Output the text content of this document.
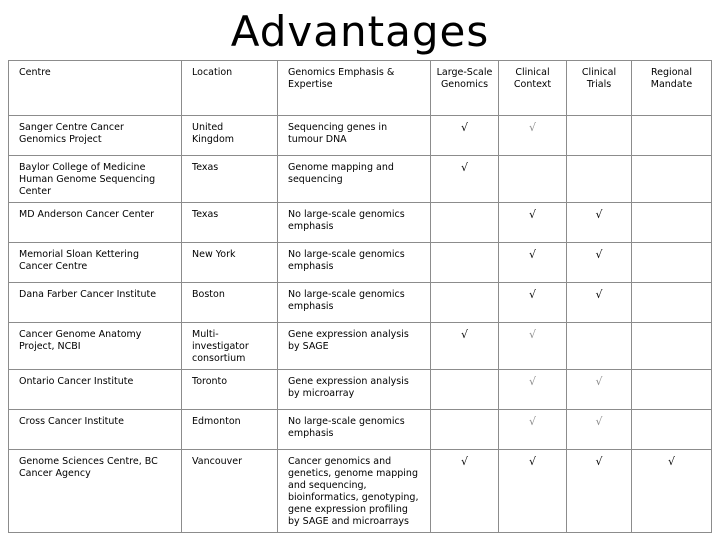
Advantages
Centre	Location	Genomics Emphasis & Expertise	Large-Scale Genomics	Clinical Context	Clinical Trials	Regional Mandate
Sanger Centre Cancer Genomics Project	United Kingdom	Sequencing genes in tumour DNA	√	√		
Baylor College of Medicine Human Genome Sequencing Center	Texas	Genome mapping and sequencing	√			
MD Anderson Cancer Center	Texas	No large-scale genomics emphasis		√	√	
Memorial Sloan Kettering Cancer Centre	New York	No large-scale genomics emphasis		√	√	
Dana Farber Cancer Institute	Boston	No large-scale genomics emphasis		√	√	
Cancer Genome Anatomy Project, NCBI	Multi-investigator consortium	Gene expression analysis by SAGE	√	√		
Ontario Cancer Institute	Toronto	Gene expression analysis by microarray		√	√	
Cross Cancer Institute	Edmonton	No large-scale genomics emphasis		√	√	
Genome Sciences Centre, BC Cancer Agency	Vancouver	Cancer genomics and genetics, genome mapping and sequencing, bioinformatics, genotyping, gene expression profiling by SAGE and microarrays	√	√	√	√
